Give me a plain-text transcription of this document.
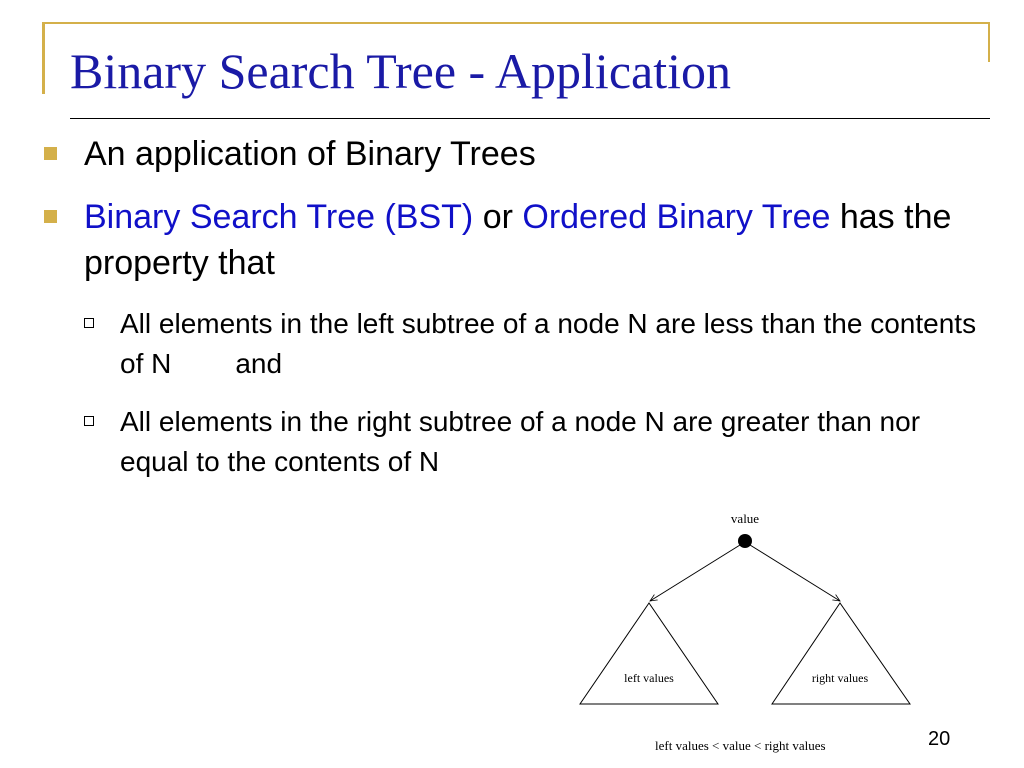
Binary Search Tree - Application
An application of Binary Trees
Binary Search Tree (BST) or Ordered Binary Tree has the property that
All elements in the left subtree of a node N are less than the contents of N and
All elements in the right subtree of a node N are greater than nor equal to the contents of N
value
left values	right values
left values < value < right values	20
